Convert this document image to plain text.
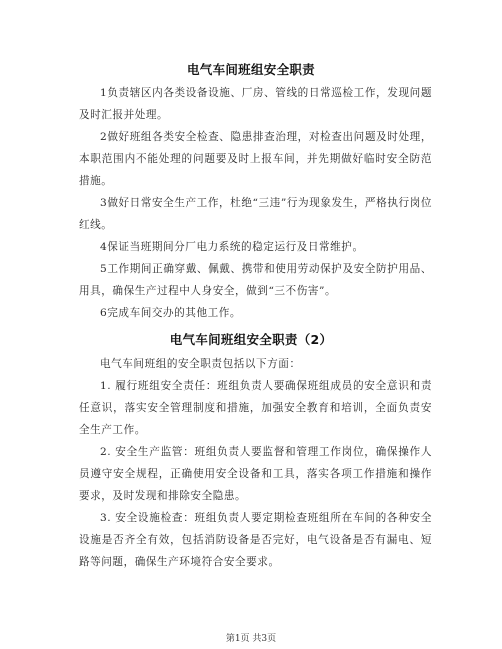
电气车间班组安全职责
1负责辖区内各类设备设施、厂房、管线的日常巡检工作，发现问题及时汇报并处理。
2做好班组各类安全检查、隐患排查治理，对检查出问题及时处理，本职范围内不能处理的问题要及时上报车间，并先期做好临时安全防范措施。
3做好日常安全生产工作，杜绝“三违”行为现象发生，严格执行岗位红线。
4保证当班期间分厂电力系统的稳定运行及日常维护。
5工作期间正确穿戴、佩戴、携带和使用劳动保护及安全防护用品、用具，确保生产过程中人身安全，做到“三不伤害”。
6完成车间交办的其他工作。
电气车间班组安全职责（2）
电气车间班组的安全职责包括以下方面：
1. 履行班组安全责任：班组负责人要确保班组成员的安全意识和责任意识，落实安全管理制度和措施，加强安全教育和培训，全面负责安全生产工作。
2. 安全生产监管：班组负责人要监督和管理工作岗位，确保操作人员遵守安全规程，正确使用安全设备和工具，落实各项工作措施和操作要求，及时发现和排除安全隐患。
3. 安全设施检查：班组负责人要定期检查班组所在车间的各种安全设施是否齐全有效，包括消防设备是否完好，电气设备是否有漏电、短路等问题，确保生产环境符合安全要求。
第1页 共3页
